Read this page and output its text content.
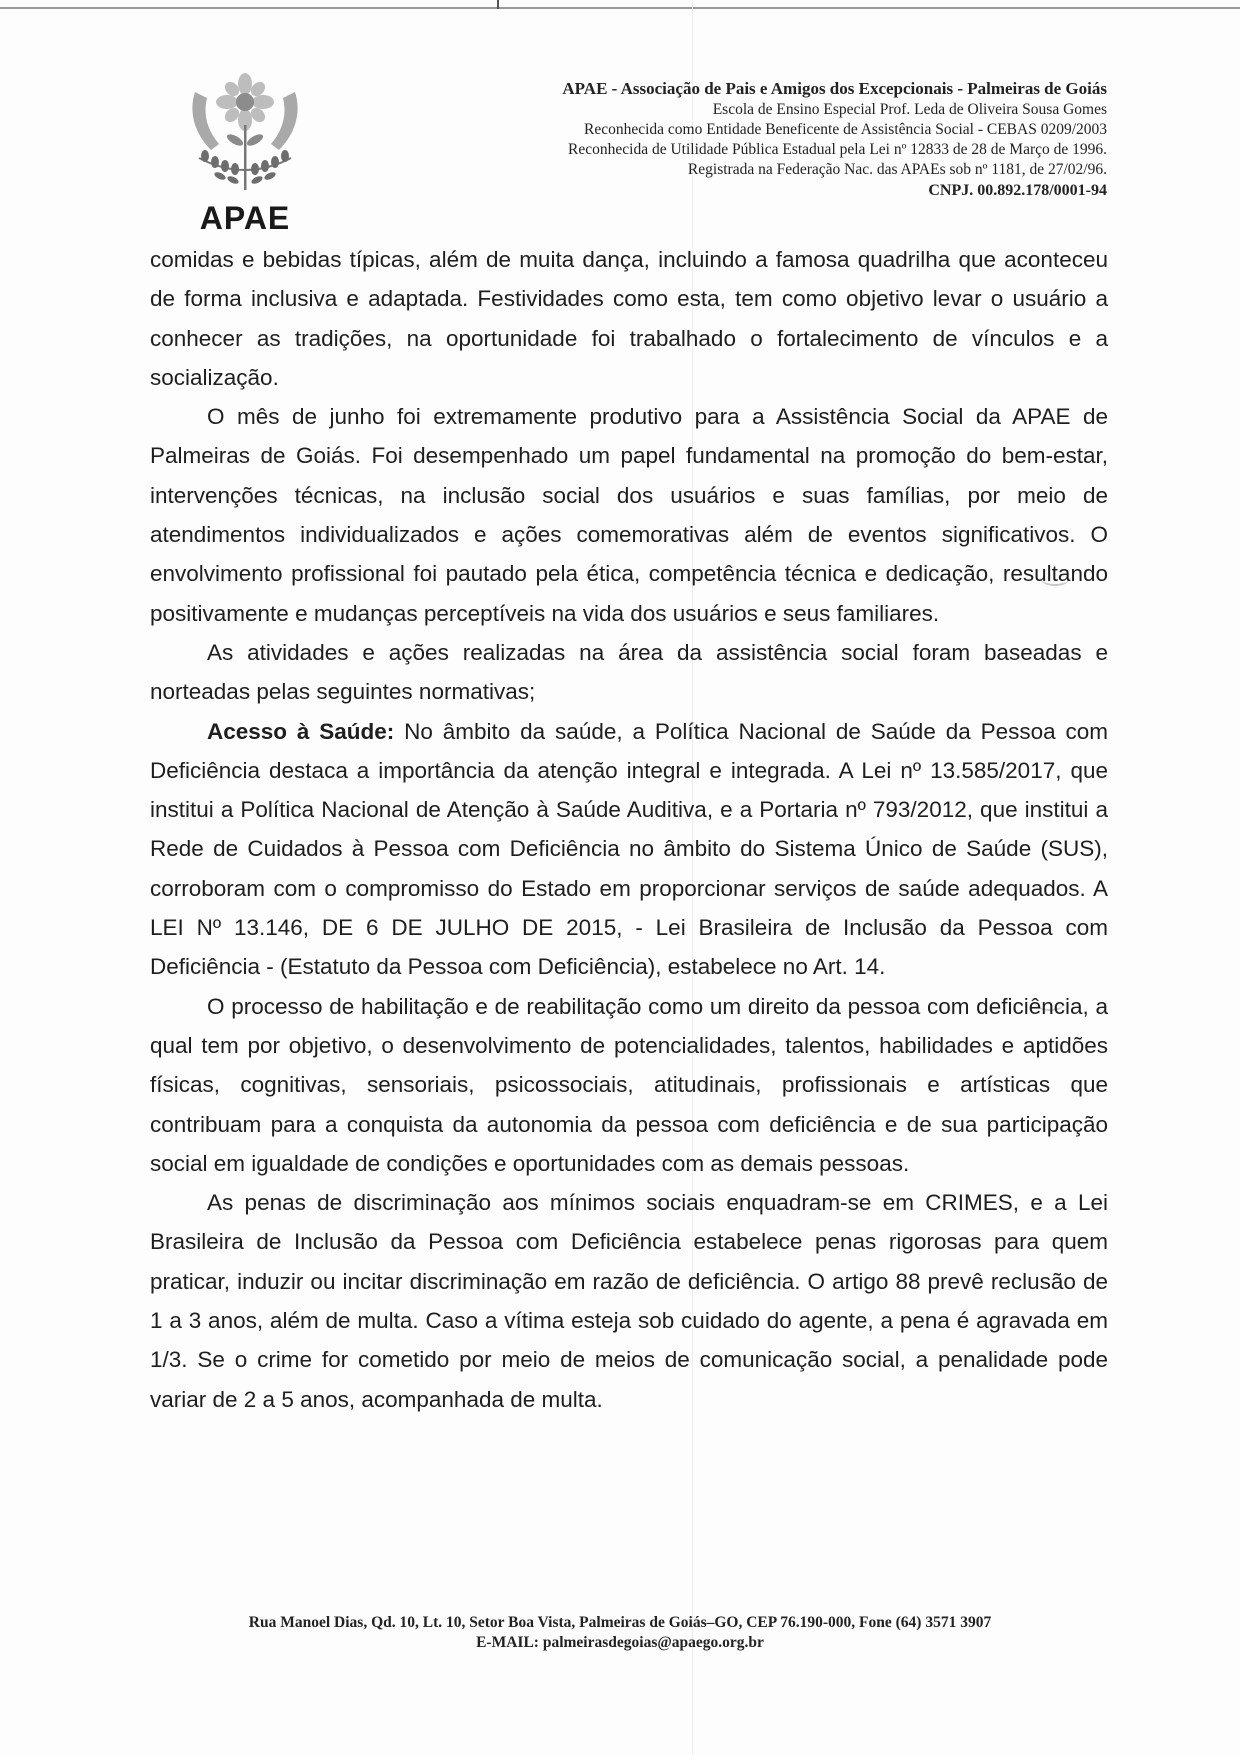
APAE
APAE - Associação de Pais e Amigos dos Excepcionais - Palmeiras de Goiás
Escola de Ensino Especial Prof. Leda de Oliveira Sousa Gomes
Reconhecida como Entidade Beneficente de Assistência Social - CEBAS 0209/2003
Reconhecida de Utilidade Pública Estadual pela Lei nº 12833 de 28 de Março de 1996.
Registrada na Federação Nac. das APAEs sob nº 1181, de 27/02/96.
CNPJ. 00.892.178/0001-94

comidas e bebidas típicas, além de muita dança, incluindo a famosa quadrilha que aconteceu de forma inclusiva e adaptada. Festividades como esta, tem como objetivo levar o usuário a conhecer as tradições, na oportunidade foi trabalhado o fortalecimento de vínculos e a socialização.

O mês de junho foi extremamente produtivo para a Assistência Social da APAE de Palmeiras de Goiás. Foi desempenhado um papel fundamental na promoção do bem-estar, intervenções técnicas, na inclusão social dos usuários e suas famílias, por meio de atendimentos individualizados e ações comemorativas além de eventos significativos. O envolvimento profissional foi pautado pela ética, competência técnica e dedicação, resultando positivamente e mudanças perceptíveis na vida dos usuários e seus familiares.

As atividades e ações realizadas na área da assistência social foram baseadas e norteadas pelas seguintes normativas;

Acesso à Saúde: No âmbito da saúde, a Política Nacional de Saúde da Pessoa com Deficiência destaca a importância da atenção integral e integrada. A Lei nº 13.585/2017, que institui a Política Nacional de Atenção à Saúde Auditiva, e a Portaria nº 793/2012, que institui a Rede de Cuidados à Pessoa com Deficiência no âmbito do Sistema Único de Saúde (SUS), corroboram com o compromisso do Estado em proporcionar serviços de saúde adequados. A LEI Nº 13.146, DE 6 DE JULHO DE 2015, - Lei Brasileira de Inclusão da Pessoa com Deficiência - (Estatuto da Pessoa com Deficiência), estabelece no Art. 14.

O processo de habilitação e de reabilitação como um direito da pessoa com deficiência, a qual tem por objetivo, o desenvolvimento de potencialidades, talentos, habilidades e aptidões físicas, cognitivas, sensoriais, psicossociais, atitudinais, profissionais e artísticas que contribuam para a conquista da autonomia da pessoa com deficiência e de sua participação social em igualdade de condições e oportunidades com as demais pessoas.

As penas de discriminação aos mínimos sociais enquadram-se em CRIMES, e a Lei Brasileira de Inclusão da Pessoa com Deficiência estabelece penas rigorosas para quem praticar, induzir ou incitar discriminação em razão de deficiência. O artigo 88 prevê reclusão de 1 a 3 anos, além de multa. Caso a vítima esteja sob cuidado do agente, a pena é agravada em 1/3. Se o crime for cometido por meio de meios de comunicação social, a penalidade pode variar de 2 a 5 anos, acompanhada de multa.

Rua Manoel Dias, Qd. 10, Lt. 10, Setor Boa Vista, Palmeiras de Goiás–GO, CEP 76.190-000, Fone (64) 3571 3907
E-MAIL: palmeirasdegoias@apaego.org.br
